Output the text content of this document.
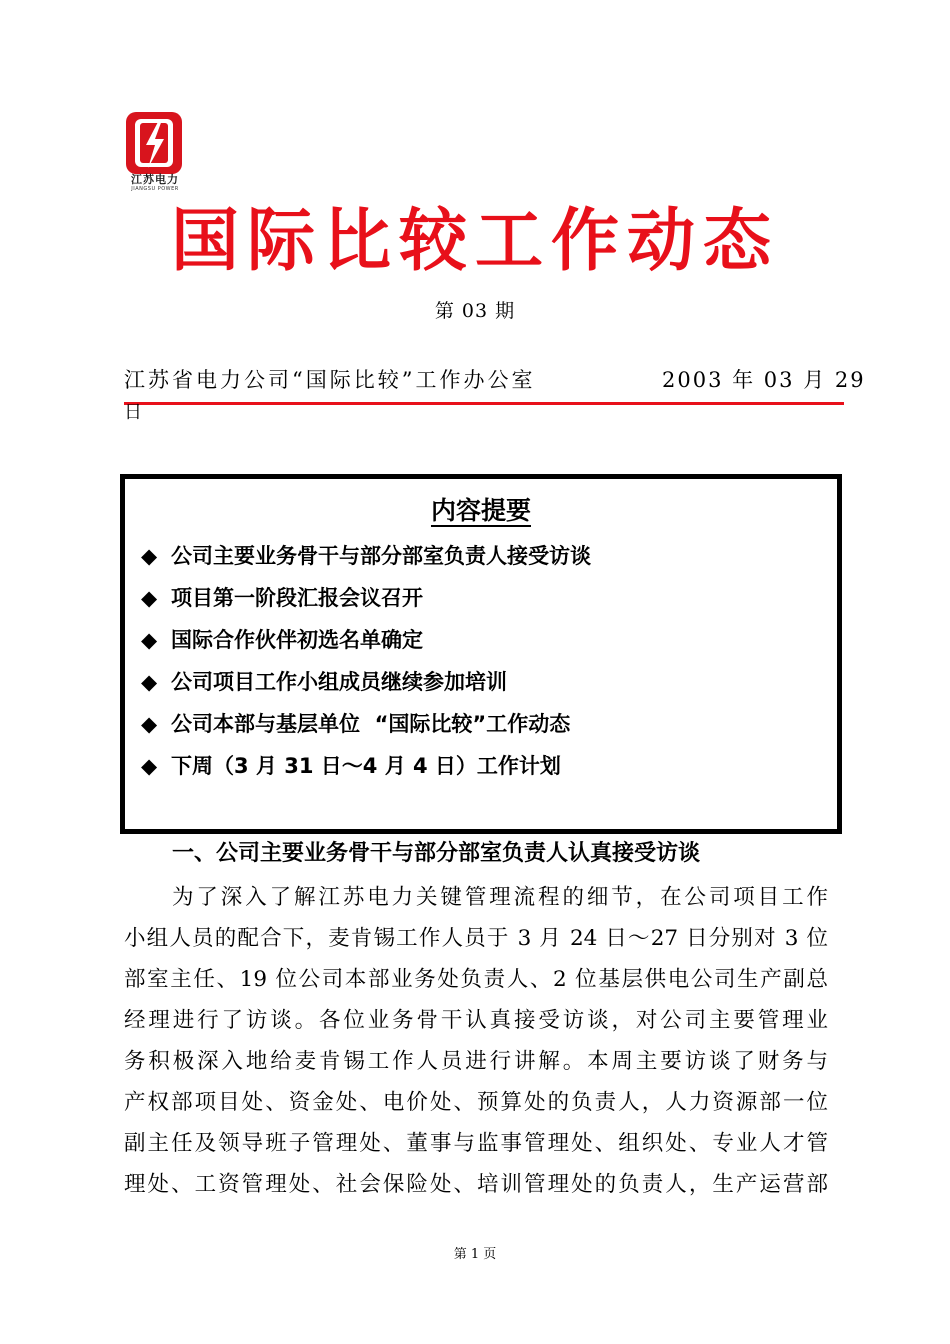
江苏电力
JIANGSU POWER
国际比较工作动态
第 03 期
江苏省电力公司“国际比较”工作办公室	2003 年 03 月 29
日
内容提要
◆ 公司主要业务骨干与部分部室负责人接受访谈
◆ 项目第一阶段汇报会议召开
◆ 国际合作伙伴初选名单确定
◆ 公司项目工作小组成员继续参加培训
◆ 公司本部与基层单位  “国际比较”工作动态
◆ 下周（3 月 31 日～4 月 4 日）工作计划
一、公司主要业务骨干与部分部室负责人认真接受访谈
为了深入了解江苏电力关键管理流程的细节，在公司项目工作
小组人员的配合下，麦肯锡工作人员于 3 月 24 日～27 日分别对 3 位
部室主任、19 位公司本部业务处负责人、2 位基层供电公司生产副总
经理进行了访谈。各位业务骨干认真接受访谈，对公司主要管理业
务积极深入地给麦肯锡工作人员进行讲解。本周主要访谈了财务与
产权部项目处、资金处、电价处、预算处的负责人，人力资源部一位
副主任及领导班子管理处、董事与监事管理处、组织处、专业人才管
理处、工资管理处、社会保险处、培训管理处的负责人，生产运营部
第 1 页
